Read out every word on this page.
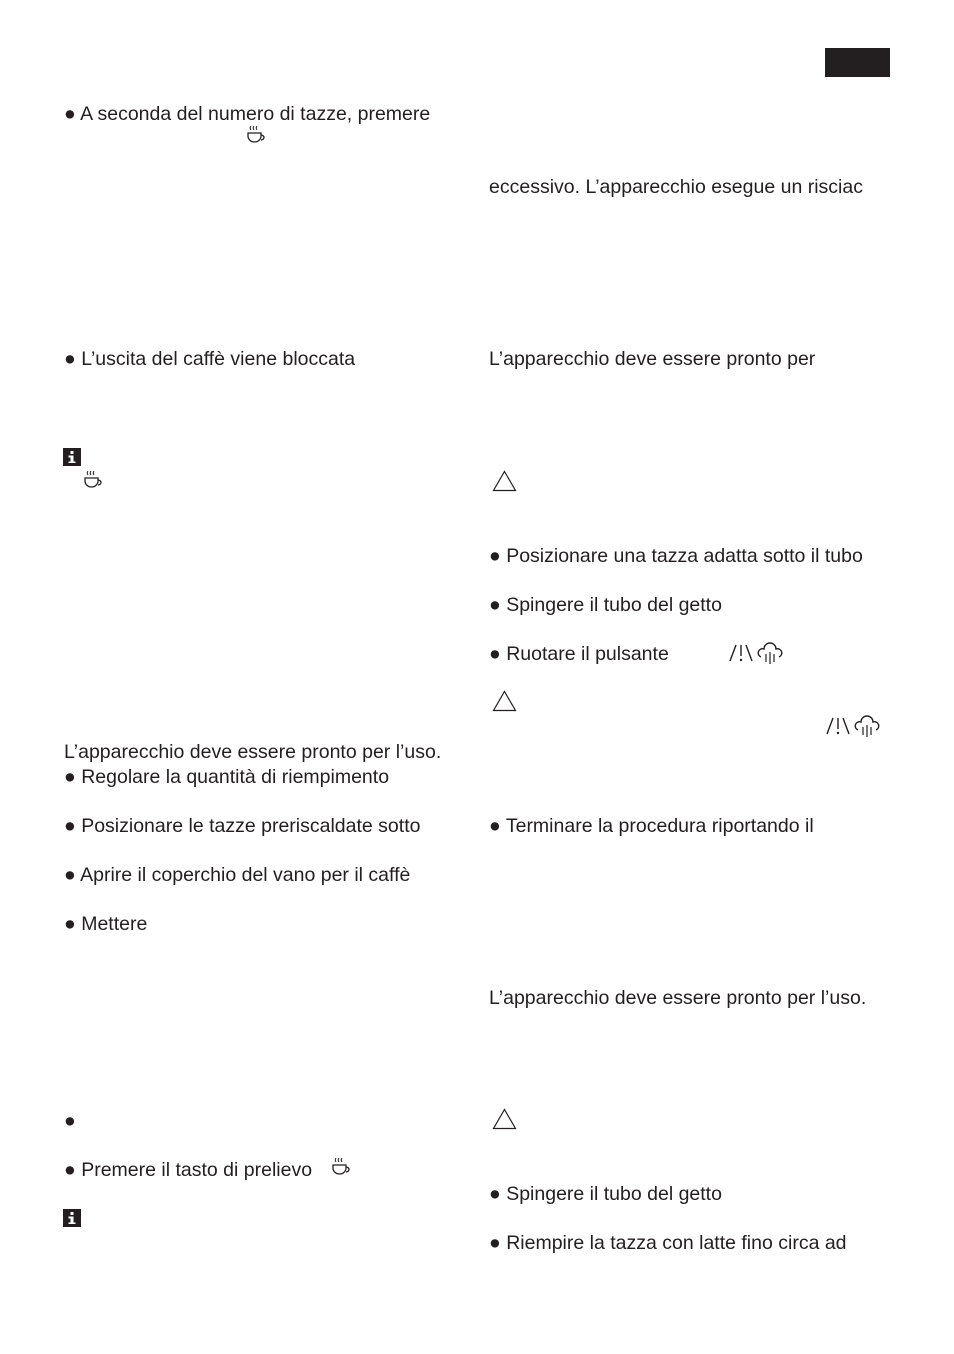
● A seconda del numero di tazze, premere

● L’uscita del caffè viene bloccata

L’apparecchio deve essere pronto per l’uso.

● Regolare la quantità di riempimento

● Posizionare le tazze preriscaldate sotto

● Aprire il coperchio del vano per il caffè

● Mettere

●

● Premere il tasto di prelievo

eccessivo. L’apparecchio esegue un risciac

L’apparecchio deve essere pronto per

● Posizionare una tazza adatta sotto il tubo

● Spingere il tubo del getto

● Ruotare il pulsante

● Terminare la procedura riportando il

L’apparecchio deve essere pronto per l’uso.

● Spingere il tubo del getto

● Riempire la tazza con latte fino circa ad
